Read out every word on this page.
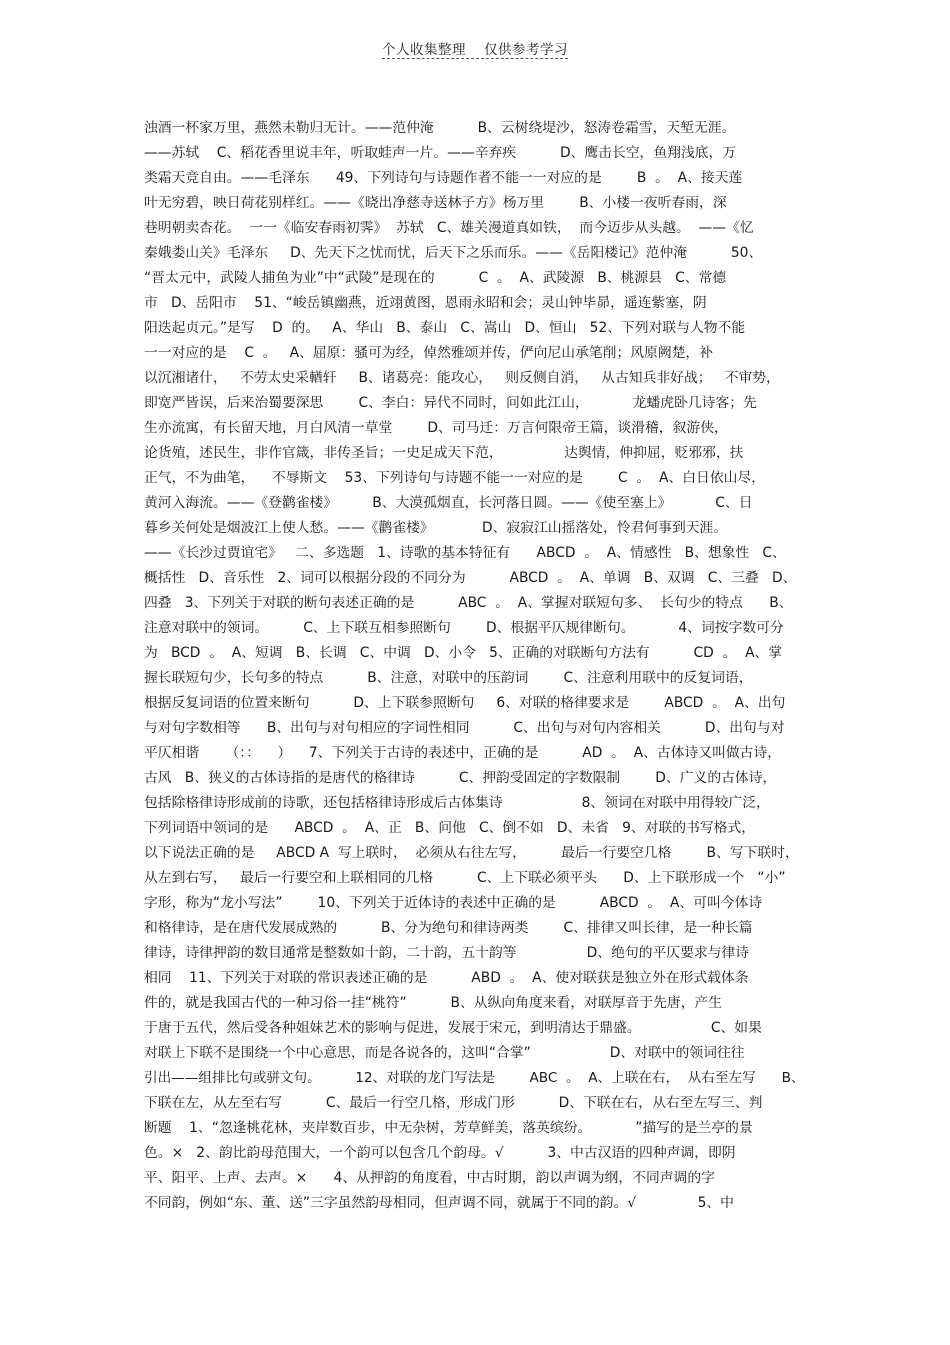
个人收集整理 仅供参考学习
浊酒一杯家万里，燕然未勒归无计。——范仲淹          B、云树绕堤沙，怒涛卷霜雪，天堑无涯。
——苏轼    C、稻花香里说丰年，听取蛙声一片。——辛弃疾          D、鹰击长空，鱼翔浅底，万
类霜天竞自由。——毛泽东      49、下列诗句与诗题作者不能一一对应的是        B  。  A、接天莲
叶无穷碧，映日荷花别样红。——《晓出净慈寺送林子方》杨万里        B、小楼一夜听春雨，深
巷明朝卖杏花。  一一《临安春雨初霁》  苏轼   C、雄关漫道真如铁，  而今迈步从头越。  ——《忆
秦娥娄山关》毛泽东     D、先天下之忧而忧，后天下之乐而乐。——《岳阳楼记》范仲淹          50、
“晋太元中，武陵人捕鱼为业”中“武陵”是现在的          C  。  A、武陵源   B、桃源县   C、常德
市   D、岳阳市    51、“峻岳镇幽燕，近翊黄图，恩雨永昭和会；灵山钟毕昴，遥连紫塞，阴
阳迭起贞元。”是写    D  的。   A、华山   B、泰山   C、嵩山   D、恒山   52、下列对联与人物不能
一一对应的是    C  。   A、屈原：骚可为经，倬然雅颂并传，俨向尼山承笔削；风原阙楚，补
以沉湘诸什，   不劳太史采輶轩     B、诸葛亮：能攻心，   则反侧自消，   从古知兵非好战；   不审势，
即宽严皆误，后来治蜀要深思        C、李白：异代不同时，问如此江山，          龙蟠虎卧几诗客；先
生亦流寓，有长留天地，月白风清一草堂        D、司马迁：万言何限帝王篇，谈滑稽，叙游侠，
论货殖，述民生，非作官箴，非传圣旨；一史足成天下范，              达舆情，伸抑屈，贬邪邪，扶
正气，不为曲笔，    不辱斯文    53、下列诗句与诗题不能一一对应的是        C  。  A、白日依山尽，
黄河入海流。——《登鹳雀楼》        B、大漠孤烟直，长河落日圆。——《使至塞上》          C、日
暮乡关何处是烟波江上使人愁。——《鹳雀楼》           D、寂寂江山摇落处，怜君何事到天涯。
——《长沙过贾谊宅》   二、多选题   1、诗歌的基本特征有      ABCD  。  A、情感性   B、想象性   C、
概括性   D、音乐性   2、词可以根据分段的不同分为          ABCD  。  A、单调   B、双调   C、三叠   D、
四叠   3、下列关于对联的断句表述正确的是          ABC  。  A、掌握对联短句多、  长句少的特点      B、
注意对联中的领词。        C、上下联互相参照断句        D、根据平仄规律断句。          4、词按字数可分
为   BCD  。  A、短调   B、长调   C、中调   D、小令   5、正确的对联断句方法有          CD  。  A、掌
握长联短句少，长句多的特点          B、注意，对联中的压韵词        C、注意利用联中的反复词语，
根据反复词语的位置来断句          D、上下联参照断句     6、对联的格律要求是        ABCD  。  A、出句
与对句字数相等      B、出句与对句相应的字词性相同          C、出句与对句内容相关          D、出句与对
平仄相谐      （：：    ）    7、下列关于古诗的表述中，正确的是          AD  。  A、古体诗又叫做古诗，
古风   B、狭义的古体诗指的是唐代的格律诗          C、押韵受固定的字数限制        D、广义的古体诗，
包括除格律诗形成前的诗歌，还包括格律诗形成后古体集诗                  8、领词在对联中用得较广泛，
下列词语中领词的是      ABCD  。  A、正   B、问他   C、倒不如   D、未省   9、对联的书写格式，
以下说法正确的是     ABCD A  写上联时，  必须从右往左写，        最后一行要空几格        B、写下联时，
从左到右写，   最后一行要空和上联相同的几格          C、上下联必须平头      D、上下联形成一个   “小”
字形，称为“龙小写法”        10、下列关于近体诗的表述中正确的是          ABCD  。  A、可叫今体诗
和格律诗，是在唐代发展成熟的          B、分为绝句和律诗两类        C、排律又叫长律，是一种长篇
律诗，诗律押韵的数目通常是整数如十韵，二十韵，五十韵等                D、绝句的平仄要求与律诗
相同    11、下列关于对联的常识表述正确的是          ABD  。  A、使对联获是独立外在形式载体条
件的，就是我国古代的一种习俗一挂“桃符”          B、从纵向角度来看，对联厚音于先唐，产生
于唐于五代，然后受各种姐妹艺术的影响与促进，发展于宋元，到明清达于鼎盛。                C、如果
对联上下联不是围绕一个中心意思，而是各说各的，这叫“合掌”                  D、对联中的领词往往
引出——组排比句或骈文句。        12、对联的龙门写法是        ABC  。  A、上联在右，  从右至左写      B、
下联在左，从左至右写          C、最后一行空几格，形成门形          D、下联在右，从右至左写三、判
断题    1、“忽逢桃花林，夹岸数百步，中无杂树，芳草鲜美，落英缤纷。          ”描写的是兰亭的景
色。×   2、韵比韵母范围大，一个韵可以包含几个韵母。√          3、中古汉语的四种声调，即阴
平、阳平、上声、去声。×      4、从押韵的角度看，中古时期，韵以声调为纲，不同声调的字
不同韵，例如“东、董、送”三字虽然韵母相同，但声调不同，就属于不同的韵。√              5、中
